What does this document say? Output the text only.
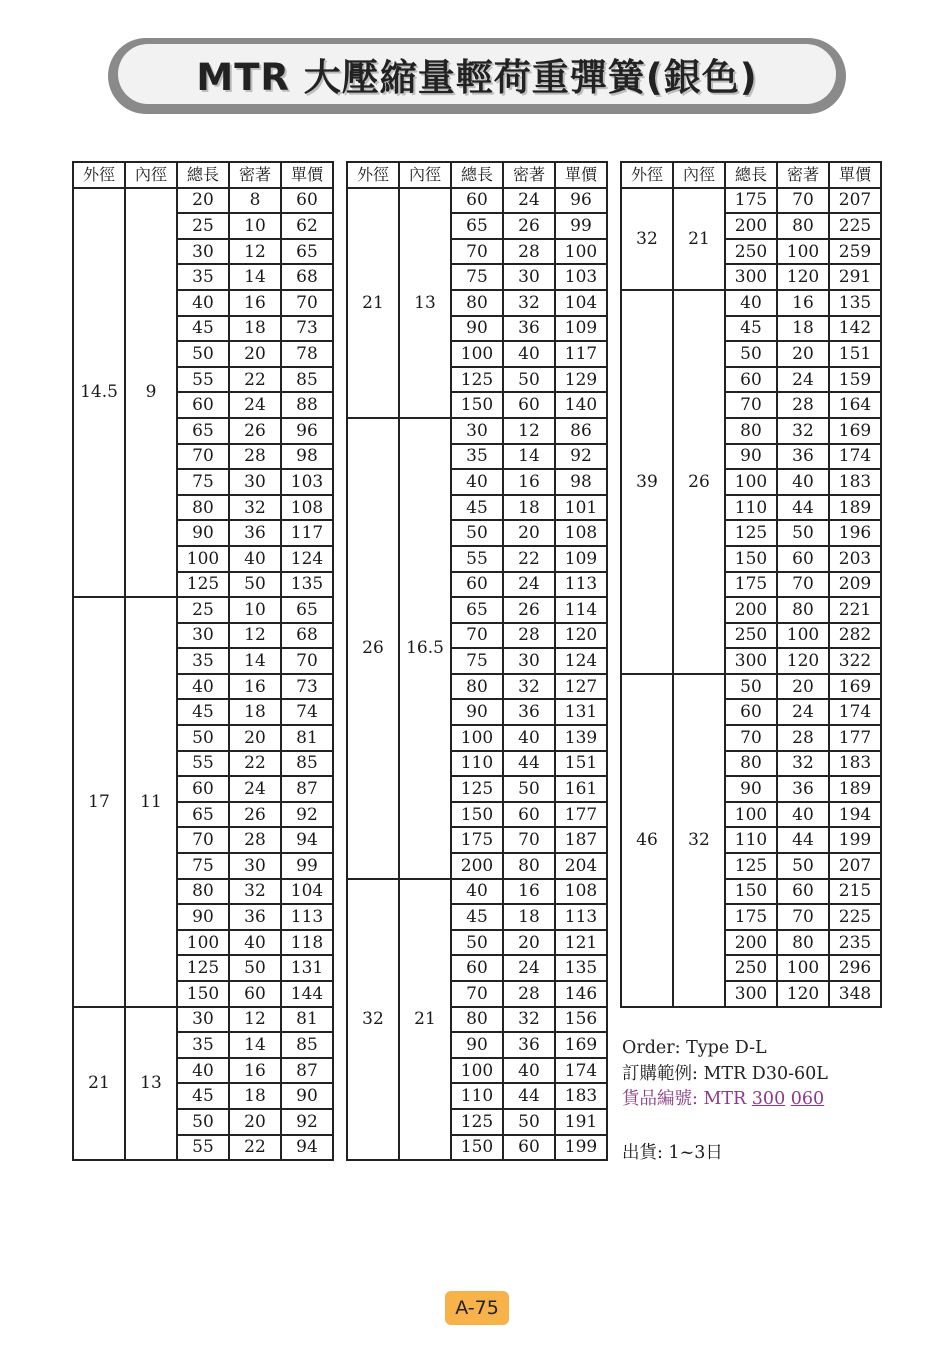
MTR 大壓縮量輕荷重彈簧(銀色)
外徑	內徑	總長	密著	單價
14.5	9	20	8	60
		25	10	62
		30	12	65
		35	14	68
		40	16	70
		45	18	73
		50	20	78
		55	22	85
		60	24	88
		65	26	96
		70	28	98
		75	30	103
		80	32	108
		90	36	117
		100	40	124
		125	50	135
17	11	25	10	65
		30	12	68
		35	14	70
		40	16	73
		45	18	74
		50	20	81
		55	22	85
		60	24	87
		65	26	92
		70	28	94
		75	30	99
		80	32	104
		90	36	113
		100	40	118
		125	50	131
		150	60	144
21	13	30	12	81
		35	14	85
		40	16	87
		45	18	90
		50	20	92
		55	22	94
外徑	內徑	總長	密著	單價
21	13	60	24	96
		65	26	99
		70	28	100
		75	30	103
		80	32	104
		90	36	109
		100	40	117
		125	50	129
		150	60	140
26	16.5	30	12	86
		35	14	92
		40	16	98
		45	18	101
		50	20	108
		55	22	109
		60	24	113
		65	26	114
		70	28	120
		75	30	124
		80	32	127
		90	36	131
		100	40	139
		110	44	151
		125	50	161
		150	60	177
		175	70	187
		200	80	204
32	21	40	16	108
		45	18	113
		50	20	121
		60	24	135
		70	28	146
		80	32	156
		90	36	169
		100	40	174
		110	44	183
		125	50	191
		150	60	199
外徑	內徑	總長	密著	單價
32	21	175	70	207
		200	80	225
		250	100	259
		300	120	291
39	26	40	16	135
		45	18	142
		50	20	151
		60	24	159
		70	28	164
		80	32	169
		90	36	174
		100	40	183
		110	44	189
		125	50	196
		150	60	203
		175	70	209
		200	80	221
		250	100	282
		300	120	322
46	32	50	20	169
		60	24	174
		70	28	177
		80	32	183
		90	36	189
		100	40	194
		110	44	199
		125	50	207
		150	60	215
		175	70	225
		200	80	235
		250	100	296
		300	120	348
Order: Type D-L
訂購範例: MTR D30-60L
貨品編號: MTR 300 060
出貨: 1~3日
A-75
